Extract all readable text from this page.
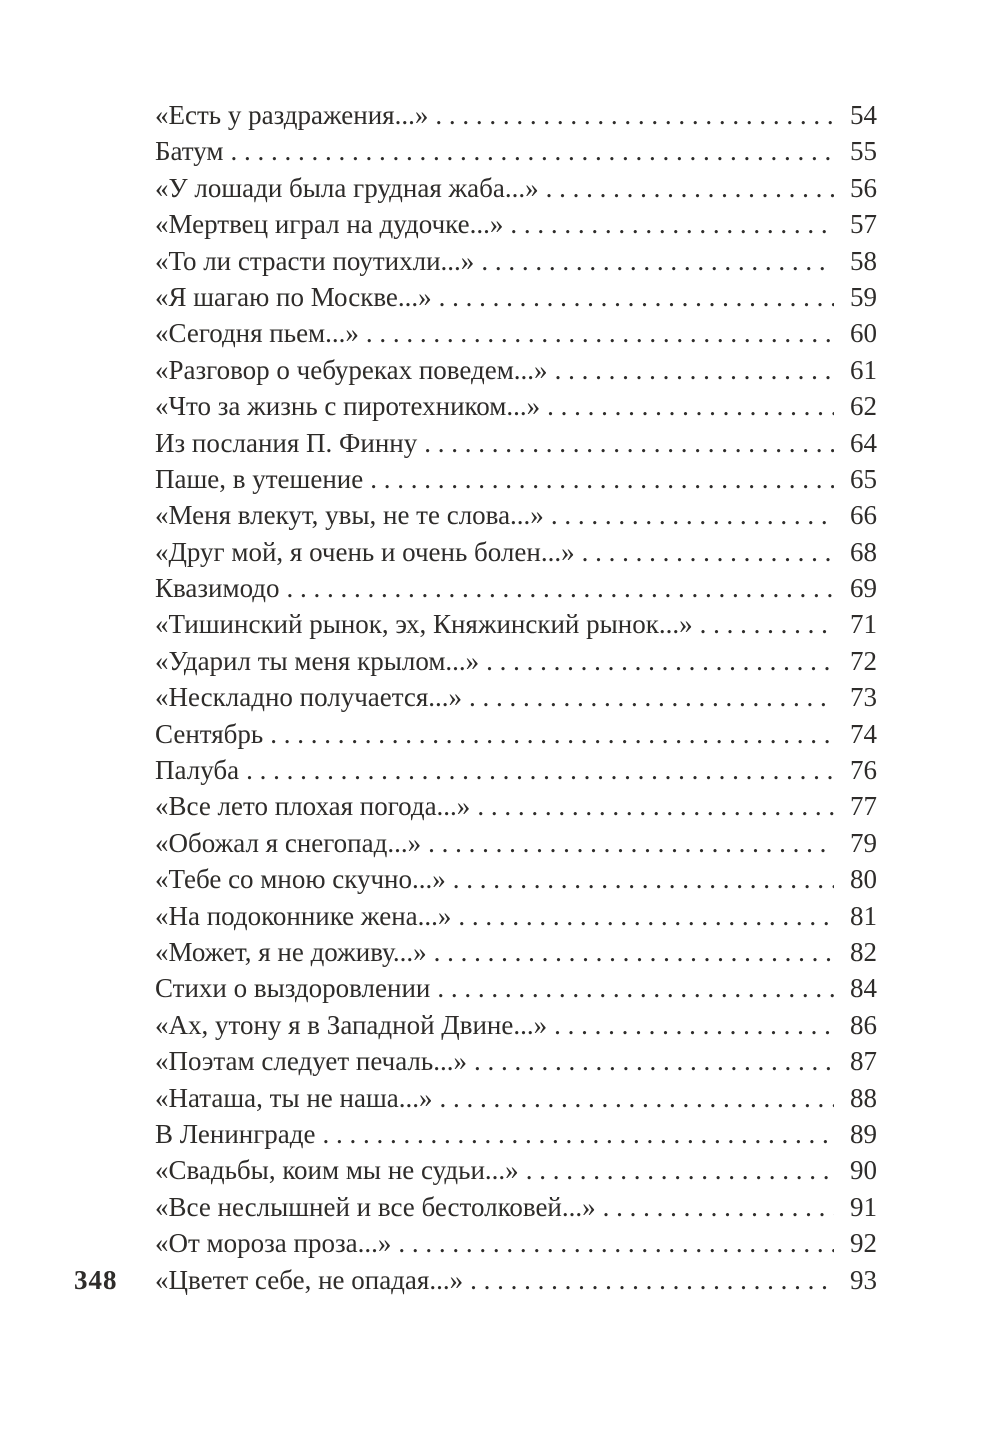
«Есть у раздражения...» . . .	54
Батум . . .	55
«У лошади была грудная жаба...» . . .	56
«Мертвец играл на дудочке...» . . .	57
«То ли страсти поутихли...» . . .	58
«Я шагаю по Москве...» . . .	59
«Сегодня пьем...» . . .	60
«Разговор о чебуреках поведем...» . . .	61
«Что за жизнь с пиротехником...» . . .	62
Из послания П. Финну . . .	64
Паше, в утешение . . .	65
«Меня влекут, увы, не те слова...» . . .	66
«Друг мой, я очень и очень болен...» . . .	68
Квазимодо . . .	69
«Тишинский рынок, эх, Княжинский рынок...» . . .	71
«Ударил ты меня крылом...» . . .	72
«Нескладно получается...» . . .	73
Сентябрь . . .	74
Палуба . . .	76
«Все лето плохая погода...» . . .	77
«Обожал я снегопад...» . . .	79
«Тебе со мною скучно...» . . .	80
«На подоконнике жена...» . . .	81
«Может, я не доживу...» . . .	82
Стихи о выздоровлении . . .	84
«Ах, утону я в Западной Двине...» . . .	86
«Поэтам следует печаль...» . . .	87
«Наташа, ты не наша...» . . .	88
В Ленинграде . . .	89
«Свадьбы, коим мы не судьи...» . . .	90
«Все неслышней и все бестолковей...» . . .	91
«От мороза проза...» . . .	92
«Цветет себе, не опадая...» . . .	93
348
